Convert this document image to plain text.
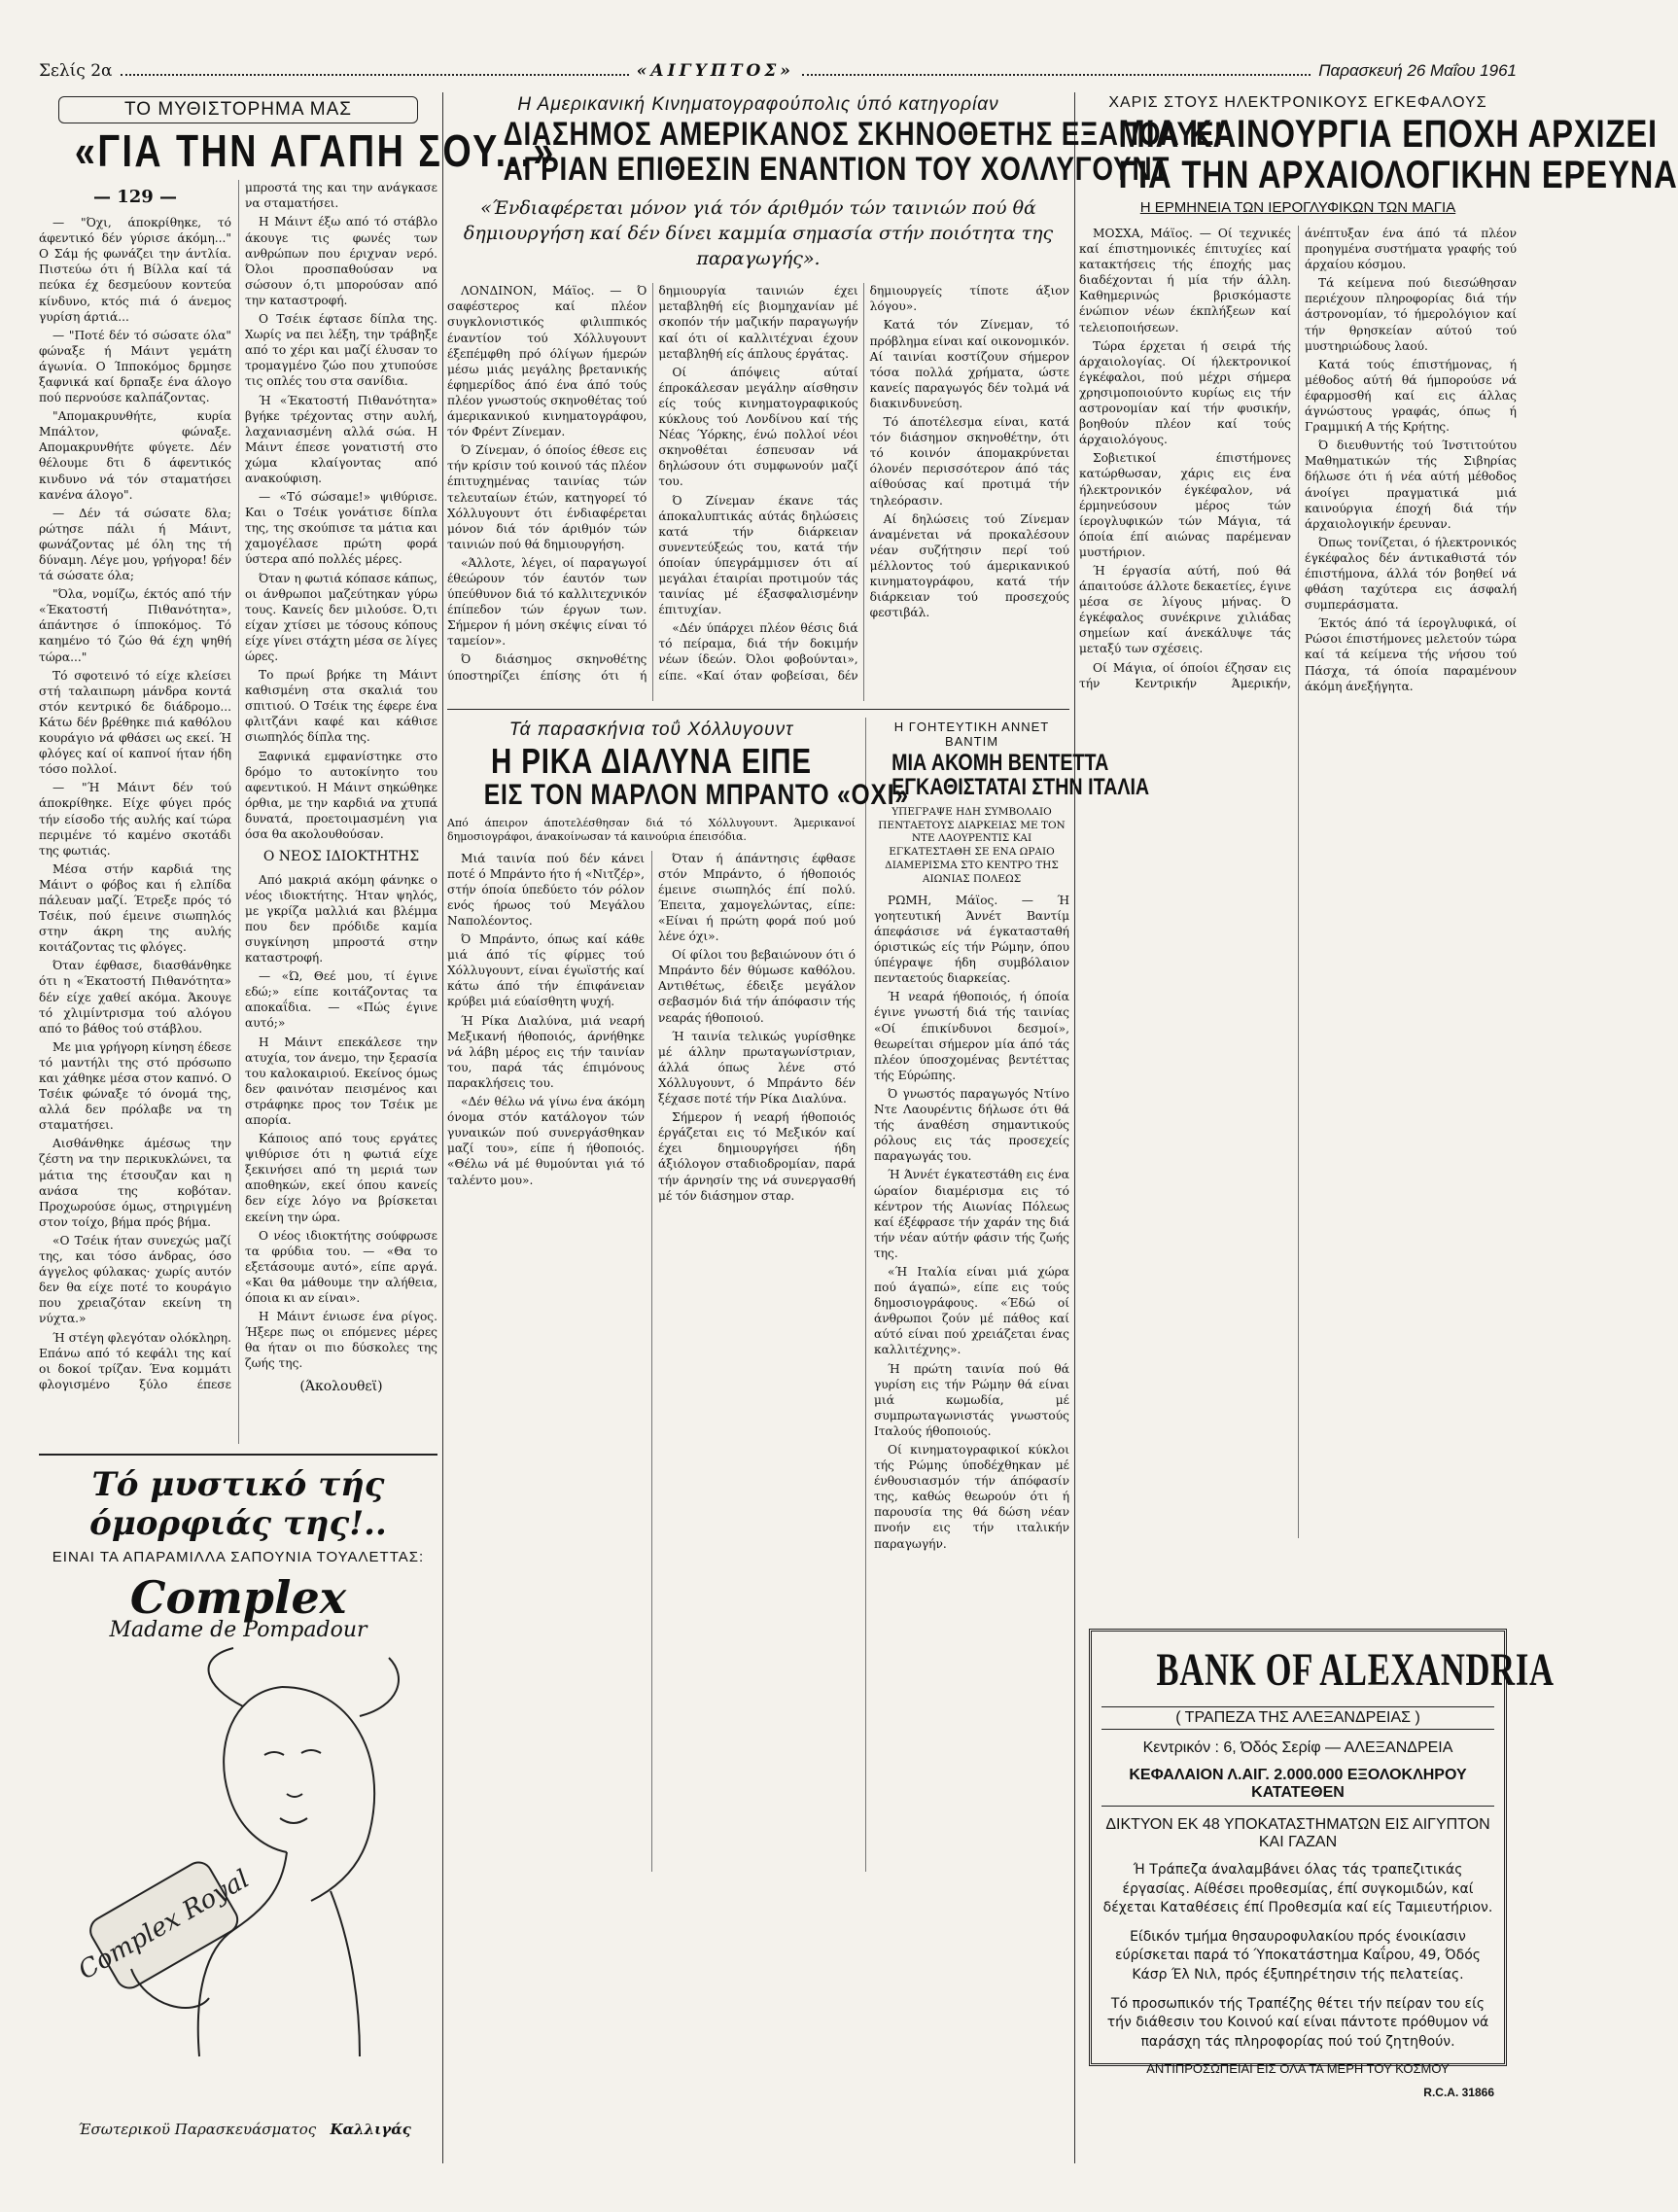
Σελίς 2α	«ΑΙΓΥΠΤΟΣ»	Παρασκευή 26 Μαΐου 1961
ΤΟ ΜΥΘΙΣΤΟΡΗΜΑ ΜΑΣ
«ΓΙΑ ΤΗΝ ΑΓΑΠΗ ΣΟΥ...»
— 129 —

— "Όχι, άποκρίθηκε, τό άφεντικό δέν γύρισε άκόμη..." Ο Σάμ ής φωνάζει την άντλία. Πιστεύω ότι ή Βίλλα καί τά πεύκα έχ δεσμεύουν κοντεύα κίνδυνο, κτός πιά ό άνεμος γυρίση άρτιά...

— "Ποτέ δέν τό σώσατε όλα" φώναξε ή Μάιντ γεμάτη άγωνία. Ο Ίπποκόμος δρμησε ξαφνικά καί δρπαξε ένα άλογο πού περνούσε καλπάζοντας.

"Απομακρυνθήτε, κυρία Μπάλτον, φώναξε. Απομακρυνθήτε φύγετε. Δέν θέλουμε δτι δ άφεντικός κινδυνο νά τόν σταματήσει κανένα άλογο".

— Δέν τά σώσατε δλα; ρώτησε πάλι ή Μάιντ, φωνάζοντας μέ όλη της τή δύναμη. Λέγε μου, γρήγορα! δέν τά σώσατε όλα;

"Όλα, νομίζω, έκτός από τήν «Έκατοστή Πιθανότητα», άπάντησε ό ίπποκόμος. Τό καημένο τό ζώο θά έχη ψηθή τώρα..."

Τό σφοτεινό τό είχε κλείσει στή ταλαιπωρη μάνδρα κοντά στόν κεντρικό δε διάδρομο... Κάτω δέν βρέθηκε πιά καθόλου κουράγιο νά φθάσει ως εκεί. Ή φλόγες καί οί καπνοί ήταν ήδη τόσο πολλοί.

— "Ή Μάιντ δέν τού άποκρίθηκε. Είχε φύγει πρός τήν είσοδο τής αυλής καί τώρα περιμένε τό καμένο σκοτάδι της φωτιάς.

Μέσα στήν καρδιά της Μάιντ ο φόβος και ή ελπίδα πάλευαν μαζί. Έτρεξε πρός τό Τσέικ, πού έμεινε σιωπηλός στην άκρη της αυλής κοιτάζοντας τις φλόγες.

Όταν έφθασε, διασθάνθηκε ότι η «Έκατοστή Πιθανότητα» δέν είχε χαθεί ακόμα. Άκουγε τό χλιμίντρισμα τού αλόγου από το βάθος τού στάβλου.

Με μια γρήγορη κίνηση έδεσε τό μαντήλι της στό πρόσωπο και χάθηκε μέσα στον καπνό. Ο Τσέικ φώναξε τό όνομά της, αλλά δεν πρόλαβε να τη σταματήσει.

Αισθάνθηκε άμέσως την ζέστη να την περικυκλώνει, τα μάτια της έτσουζαν και η ανάσα της κοβόταν. Προχωρούσε όμως, στηριγμένη στον τοίχο, βήμα πρός βήμα.

«Ο Τσέικ ήταν συνεχώς μαζί της, και τόσο άνδρας, όσο άγγελος φύλακας· χωρίς αυτόν δεν θα είχε ποτέ το κουράγιο που χρειαζόταν εκείνη τη νύχτα.»

Ή στέγη φλεγόταν ολόκληρη. Επάνω από τό κεφάλι της καί οι δοκοί τρίζαν. Ένα κομμάτι φλογισμένο ξύλο έπεσε μπροστά της και την ανάγκασε να σταματήσει.

Η Μάιντ έξω από τό στάβλο άκουγε τις φωνές των ανθρώπων που έριχναν νερό. Όλοι προσπαθούσαν να σώσουν ό,τι μπορούσαν από την καταστροφή.

Ο Τσέικ έφτασε δίπλα της. Χωρίς να πει λέξη, την τράβηξε από το χέρι και μαζί έλυσαν το τρομαγμένο ζώο που χτυπούσε τις οπλές του στα σανίδια.

Ή «Έκατοστή Πιθανότητα» βγήκε τρέχοντας στην αυλή, λαχανιασμένη αλλά σώα. Η Μάιντ έπεσε γονατιστή στο χώμα κλαίγοντας από ανακούφιση.

— «Τό σώσαμε!» ψιθύρισε. Και ο Τσέικ γονάτισε δίπλα της, της σκούπισε τα μάτια και χαμογέλασε πρώτη φορά ύστερα από πολλές μέρες.

Όταν η φωτιά κόπασε κάπως, οι άνθρωποι μαζεύτηκαν γύρω τους. Κανείς δεν μιλούσε. Ό,τι είχαν χτίσει με τόσους κόπους είχε γίνει στάχτη μέσα σε λίγες ώρες.

Το πρωί βρήκε τη Μάιντ καθισμένη στα σκαλιά του σπιτιού. Ο Τσέικ της έφερε ένα φλιτζάνι καφέ και κάθισε σιωπηλός δίπλα της.

Ξαφνικά εμφανίστηκε στο δρόμο το αυτοκίνητο του αφεντικού. Η Μάιντ σηκώθηκε όρθια, με την καρδιά να χτυπά δυνατά, προετοιμασμένη για όσα θα ακολουθούσαν.

Ο ΝΕΟΣ ΙΔΙΟΚΤΗΤΗΣ

Από μακριά ακόμη φάνηκε ο νέος ιδιοκτήτης. Ήταν ψηλός, με γκρίζα μαλλιά και βλέμμα που δεν πρόδιδε καμία συγκίνηση μπροστά στην καταστροφή.

— «Ώ, Θεέ μου, τί έγινε εδώ;» είπε κοιτάζοντας τα αποκαΐδια. — «Πώς έγινε αυτό;»

Η Μάιντ επεκάλεσε την ατυχία, τον άνεμο, την ξερασία του καλοκαιριού. Εκείνος όμως δεν φαινόταν πεισμένος και στράφηκε προς τον Τσέικ με απορία.

Κάποιος από τους εργάτες ψιθύρισε ότι η φωτιά είχε ξεκινήσει από τη μεριά των αποθηκών, εκεί όπου κανείς δεν είχε λόγο να βρίσκεται εκείνη την ώρα.

Ο νέος ιδιοκτήτης σούφρωσε τα φρύδια του. — «Θα το εξετάσουμε αυτό», είπε αργά. «Και θα μάθουμε την αλήθεια, όποια κι αν είναι».

Η Μάιντ ένιωσε ένα ρίγος. Ήξερε πως οι επόμενες μέρες θα ήταν οι πιο δύσκολες της ζωής της.

(Άκολουθεϊ)
Τό μυστικό τής όμορφιάς της!..
ΕΙΝΑΙ ΤΑ ΑΠΑΡΑΜΙΛΛΑ ΣΑΠΟΥΝΙΑ ΤΟΥΑΛΕΤΤΑΣ:
Complex
Madame de Pompadour
Complex Royal
Έσωτερικοϋ Παρασκευάσματος Καλλιγάς
Η Αμερικανική Κινηματογραφούπολις ύπό κατηγορίαν
ΔΙΑΣΗΜΟΣ ΑΜΕΡΙΚΑΝΟΣ ΣΚΗΝΟΘΕΤΗΣ ΕΞΑΠΟΛΥΕΙ
ΑΓΡΙΑΝ ΕΠΙΘΕΣΙΝ ΕΝΑΝΤΙΟΝ ΤΟΥ ΧΟΛΛΥΓΟΥΝΤ
«Ένδιαφέρεται μόνον γιά τόν άριθμόν τών ταινιών πού θά δημιουργήση καί δέν δίνει καμμία σημασία στήν ποιότητα της παραγωγής».

ΛΟΝΔΙΝΟΝ, Μάϊος. — Ό σαφέστερος καί πλέον συγκλονιστικός φιλιππικός έναντίον τού Χόλλυγουντ έξεπέμφθη πρό όλίγων ήμερών μέσω μιάς μεγάλης βρετανικής έφημερίδος άπό ένα άπό τούς πλέον γνωστούς σκηνοθέτας τού άμερικανικού κινηματογράφου, τόν Φρέντ Ζίνεμαν.

Ό Ζίνεμαν, ό όποίος έθεσε εις τήν κρίσιν τού κοινού τάς πλέον έπιτυχημένας ταινίας τών τελευταίων έτών, κατηγορεί τό Χόλλυγουντ ότι ένδιαφέρεται μόνον διά τόν άριθμόν τών ταινιών πού θά δημιουργήση.

«Άλλοτε, λέγει, οί παραγωγοί έθεώρουν τόν έαυτόν των ύπεύθυνον διά τό καλλιτεχνικόν έπίπεδον τών έργων των. Σήμερον ή μόνη σκέψις είναι τό ταμείον».

Ό διάσημος σκηνοθέτης ύποστηρίζει έπίσης ότι ή δημιουργία ταινιών έχει μεταβληθή είς βιομηχανίαν μέ σκοπόν τήν μαζικήν παραγωγήν καί ότι οί καλλιτέχναι έχουν μεταβληθή είς άπλους έργάτας.

Οί άπόψεις αύταί έπροκάλεσαν μεγάλην αίσθησιν είς τούς κινηματογραφικούς κύκλους τού Λονδίνου καί τής Νέας Ύόρκης, ένώ πολλοί νέοι σκηνοθέται έσπευσαν νά δηλώσουν ότι συμφωνούν μαζί του.

Ό Ζίνεμαν έκανε τάς άποκαλυπτικάς αύτάς δηλώσεις κατά τήν διάρκειαν συνεντεύξεώς του, κατά τήν όποίαν ύπεγράμμισεν ότι αί μεγάλαι έταιρίαι προτιμούν τάς ταινίας μέ έξασφαλισμένην έπιτυχίαν.

«Δέν ύπάρχει πλέον θέσις διά τό πείραμα, διά τήν δοκιμήν νέων ίδεών. Όλοι φοβούνται», είπε. «Καί όταν φοβείσαι, δέν δημιουργείς τίποτε άξιον λόγου».

Κατά τόν Ζίνεμαν, τό πρόβλημα είναι καί οικονομικόν. Αί ταινίαι κοστίζουν σήμερον τόσα πολλά χρήματα, ώστε κανείς παραγωγός δέν τολμά νά διακινδυνεύση.

Τό άποτέλεσμα είναι, κατά τόν διάσημον σκηνοθέτην, ότι τό κοινόν άπομακρύνεται όλονέν περισσότερον άπό τάς αίθούσας καί προτιμά τήν τηλεόρασιν.

Αί δηλώσεις τού Ζίνεμαν άναμένεται νά προκαλέσουν νέαν συζήτησιν περί τού μέλλοντος τού άμερικανικού κινηματογράφου, κατά τήν διάρκειαν τού προσεχούς φεστιβάλ.

Τά παρασκήνια τοΰ Χόλλυγουντ
Η ΡΙΚΑ ΔΙΑΛΥΝΑ ΕΙΠΕ
ΕΙΣ ΤΟΝ ΜΑΡΛΟΝ ΜΠΡΑΝΤΟ «ΟΧΙ»
Από άπειρον άποτελέσθησαν διά τό Χόλλυγουντ. Άμερικανοί δημοσιογράφοι, άνακοίνωσαν τά καινούρια έπεισόδια.

Μιά ταινία πού δέν κάνει ποτέ ό Μπράντο ήτο ή «Νιτζέρ», στήν όποία ύπεδύετο τόν ρόλον ενός ήρωος τού Μεγάλου Ναπολέοντος.

Ό Μπράντο, όπως καί κάθε μιά άπό τίς φίρμες τού Χόλλυγουντ, είναι έγωϊστής καί κάτω άπό τήν έπιφάνειαν κρύβει μιά εύαίσθητη ψυχή.

Ή Ρίκα Διαλύνα, μιά νεαρή Μεξικανή ήθοποιός, άρνήθηκε νά λάβη μέρος εις τήν ταινίαν του, παρά τάς έπιμόνους παρακλήσεις του.

«Δέν θέλω νά γίνω ένα άκόμη όνομα στόν κατάλογον τών γυναικών πού συνεργάσθηκαν μαζί του», είπε ή ήθοποιός. «Θέλω νά μέ θυμούνται γιά τό ταλέντο μου».

Όταν ή άπάντησις έφθασε στόν Μπράντο, ό ήθοποιός έμεινε σιωπηλός έπί πολύ. Έπειτα, χαμογελώντας, είπε: «Είναι ή πρώτη φορά πού μού λένε όχι».

Οί φίλοι του βεβαιώνουν ότι ό Μπράντο δέν θύμωσε καθόλου. Αντιθέτως, έδειξε μεγάλον σεβασμόν διά τήν άπόφασιν τής νεαράς ήθοποιού.

Ή ταινία τελικώς γυρίσθηκε μέ άλλην πρωταγωνίστριαν, άλλά όπως λένε στό Χόλλυγουντ, ό Μπράντο δέν ξέχασε ποτέ τήν Ρίκα Διαλύνα.

Σήμερον ή νεαρή ήθοποιός έργάζεται εις τό Μεξικόν καί έχει δημιουργήσει ήδη άξιόλογον σταδιοδρομίαν, παρά τήν άρνησίν της νά συνεργασθή μέ τόν διάσημον σταρ.

Η ΓΟΗΤΕΥΤΙΚΗ ΑΝΝΕΤ ΒΑΝΤΙΜ
ΜΙΑ ΑΚΟΜΗ ΒΕΝΤΕΤΤΑ
ΕΓΚΑΘΙΣΤΑΤΑΙ ΣΤΗΝ ΙΤΑΛΙΑ
ΥΠΕΓΡΑΨΕ ΗΔΗ ΣΥΜΒΟΛΑΙΟ ΠΕΝΤΑΕΤΟΥΣ ΔΙΑΡΚΕΙΑΣ ΜΕ ΤΟΝ ΝΤΕ ΛΑΟΥΡΕΝΤΙΣ ΚΑΙ ΕΓΚΑΤΕΣΤΑΘΗ ΣΕ ΕΝΑ ΩΡΑΙΟ ΔΙΑΜΕΡΙΣΜΑ ΣΤΟ ΚΕΝΤΡΟ ΤΗΣ ΑΙΩΝΙΑΣ ΠΟΛΕΩΣ

ΡΩΜΗ, Μάϊος. — Ή γοητευτική Άννέτ Βαντίμ άπεφάσισε νά έγκατασταθή όριστικώς είς τήν Ρώμην, όπου ύπέγραψε ήδη συμβόλαιον πενταετούς διαρκείας.

Ή νεαρά ήθοποιός, ή όποία έγινε γνωστή διά τής ταινίας «Οί έπικίνδυνοι δεσμοί», θεωρείται σήμερον μία άπό τάς πλέον ύποσχομένας βεντέττας τής Εύρώπης.

Ό γνωστός παραγωγός Ντίνο Ντε Λαουρέντις δήλωσε ότι θά τής άναθέση σημαντικούς ρόλους εις τάς προσεχείς παραγωγάς του.

Ή Άννέτ έγκατεστάθη εις ένα ώραίον διαμέρισμα εις τό κέντρον τής Αιωνίας Πόλεως καί έξέφρασε τήν χαράν της διά τήν νέαν αύτήν φάσιν τής ζωής της.

«Ή Ιταλία είναι μιά χώρα πού άγαπώ», είπε εις τούς δημοσιογράφους. «Έδώ οί άνθρωποι ζούν μέ πάθος καί αύτό είναι πού χρειάζεται ένας καλλιτέχνης».

Ή πρώτη ταινία πού θά γυρίση εις τήν Ρώμην θά είναι μιά κωμωδία, μέ συμπρωταγωνιστάς γνωστούς Ιταλούς ήθοποιούς.

Οί κινηματογραφικοί κύκλοι τής Ρώμης ύποδέχθηκαν μέ ένθουσιασμόν τήν άπόφασίν της, καθώς θεωρούν ότι ή παρουσία της θά δώση νέαν πνοήν εις τήν ιταλικήν παραγωγήν.

ΧΑΡΙΣ ΣΤΟΥΣ ΗΛΕΚΤΡΟΝΙΚΟΥΣ ΕΓΚΕΦΑΛΟΥΣ
ΜΙΑ ΚΑΙΝΟΥΡΓΙΑ ΕΠΟΧΗ ΑΡΧΙΖΕΙ
ΓΙΑ ΤΗΝ ΑΡΧΑΙΟΛΟΓΙΚΗΝ ΕΡΕΥΝΑ
Η ΕΡΜΗΝΕΙΑ ΤΩΝ ΙΕΡΟΓΛΥΦΙΚΩΝ ΤΩΝ ΜΑΓΙΑ

ΜΟΣΧΑ, Μάϊος. — Οί τεχνικές καί έπιστημονικές έπιτυχίες καί κατακτήσεις τής έποχής μας διαδέχονται ή μία τήν άλλη. Καθημερινώς βρισκόμαστε ένώπιον νέων έκπλήξεων καί τελειοποιήσεων.

Τώρα έρχεται ή σειρά τής άρχαιολογίας. Οί ήλεκτρονικοί έγκέφαλοι, πού μέχρι σήμερα χρησιμοποιούντο κυρίως εις τήν αστρονομίαν καί τήν φυσικήν, βοηθούν πλέον καί τούς άρχαιολόγους.

Σοβιετικοί έπιστήμονες κατώρθωσαν, χάρις εις ένα ήλεκτρονικόν έγκέφαλον, νά έρμηνεύσουν μέρος τών ίερογλυφικών τών Μάγια, τά όποία έπί αιώνας παρέμεναν μυστήριον.

Ή έργασία αύτή, πού θά άπαιτούσε άλλοτε δεκαετίες, έγινε μέσα σε λίγους μήνας. Ό έγκέφαλος συνέκρινε χιλιάδας σημείων καί άνεκάλυψε τάς μεταξύ των σχέσεις.

Οί Μάγια, οί όποίοι έζησαν εις τήν Κεντρικήν Άμερικήν, άνέπτυξαν ένα άπό τά πλέον προηγμένα συστήματα γραφής τού άρχαίου κόσμου.

Τά κείμενα πού διεσώθησαν περιέχουν πληροφορίας διά τήν άστρονομίαν, τό ήμερολόγιον καί τήν θρησκείαν αύτού τού μυστηριώδους λαού.

Κατά τούς έπιστήμονας, ή μέθοδος αύτή θά ήμπορούσε νά έφαρμοσθή καί εις άλλας άγνώστους γραφάς, όπως ή Γραμμική Α τής Κρήτης.

Ό διευθυντής τού Ίνστιτούτου Μαθηματικών τής Σιβηρίας δήλωσε ότι ή νέα αύτή μέθοδος άνοίγει πραγματικά μιά καινούργια έποχή διά τήν άρχαιολογικήν έρευναν.

Όπως τονίζεται, ό ήλεκτρονικός έγκέφαλος δέν άντικαθιστά τόν έπιστήμονα, άλλά τόν βοηθεί νά φθάση ταχύτερα εις άσφαλή συμπεράσματα.

Έκτός άπό τά ίερογλυφικά, οί Ρώσοι έπιστήμονες μελετούν τώρα καί τά κείμενα τής νήσου τού Πάσχα, τά όποία παραμένουν άκόμη άνεξήγητα.

BANK OF ALEXANDRIA
( ΤΡΑΠΕΖΑ ΤΗΣ ΑΛΕΞΑΝΔΡΕΙΑΣ )
Κεντρικόν : 6, Όδός Σερίφ — ΑΛΕΞΑΝΔΡΕΙΑ
ΚΕΦΑΛΑΙΟΝ Λ.ΑΙΓ. 2.000.000 ΕΞΟΛΟΚΛΗΡΟΥ ΚΑΤΑΤΕΘΕΝ
ΔΙΚΤΥΟΝ ΕΚ 48 ΥΠΟΚΑΤΑΣΤΗΜΑΤΩΝ ΕΙΣ ΑΙΓΥΠΤΟΝ ΚΑΙ ΓΑΖΑΝ
Ή Τράπεζα άναλαμβάνει όλας τάς τραπεζιτικάς έργασίας. Αίθέσει προθεσμίας, έπί συγκομιδών, καί δέχεται Καταθέσεις έπί Προθεσμία καί είς Ταμιευτήριον.
Είδικόν τμήμα θησαυροφυλακίου πρός ένοικίασιν εύρίσκεται παρά τό Ύποκατάστημα Καΐρου, 49, Όδός Κάσρ Έλ Νιλ, πρός έξυπηρέτησιν τής πελατείας.
Τό προσωπικόν τής Τραπέζης θέτει τήν πείραν του είς τήν διάθεσιν του Κοινού καί είναι πάντοτε πρόθυμον νά παράσχη τάς πληροφορίας πού τού ζητηθούν.
ΑΝΤΙΠΡΟΣΩΠΕΙΑΙ ΕΙΣ ΟΛΑ ΤΑ ΜΕΡΗ ΤΟΥ ΚΟΣΜΟΥ
R.C.A. 31866
